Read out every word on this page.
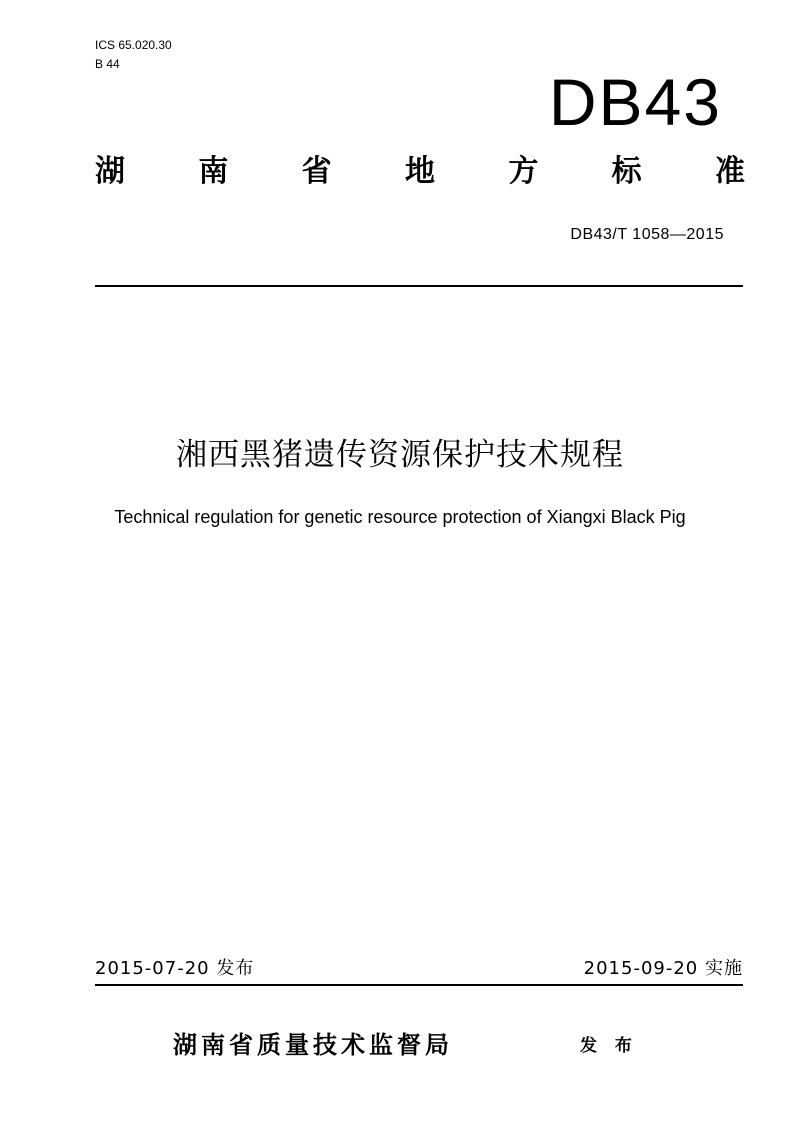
ICS 65.020.30
B 44
DB43
湖 南 省 地 方 标 准
DB43/T 1058—2015
湘西黑猪遗传资源保护技术规程
Technical regulation for genetic resource protection of Xiangxi Black Pig
2015-07-20 发布	2015-09-20 实施
湖南省质量技术监督局	发 布
